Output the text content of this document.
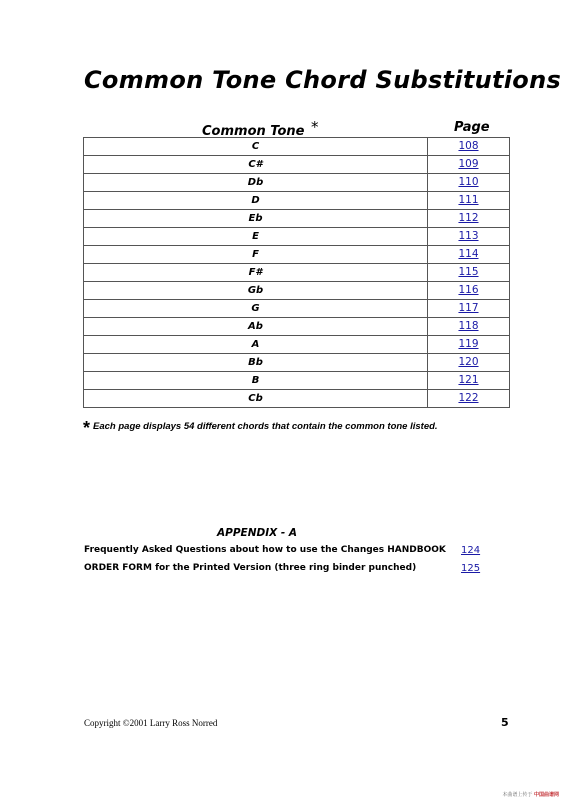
Common Tone Chord Substitutions
Common Tone *	Page
C	108
C#	109
Db	110
D	111
Eb	112
E	113
F	114
F#	115
Gb	116
G	117
Ab	118
A	119
Bb	120
B	121
Cb	122
* Each page displays 54 different chords that contain the common tone listed.
APPENDIX - A
Frequently Asked Questions about how to use the Changes HANDBOOK 124
ORDER FORM for the Printed Version (three ring binder punched)	125
Copyright ©2001 Larry Ross Norred	5
本曲谱上传于 中国曲谱网
